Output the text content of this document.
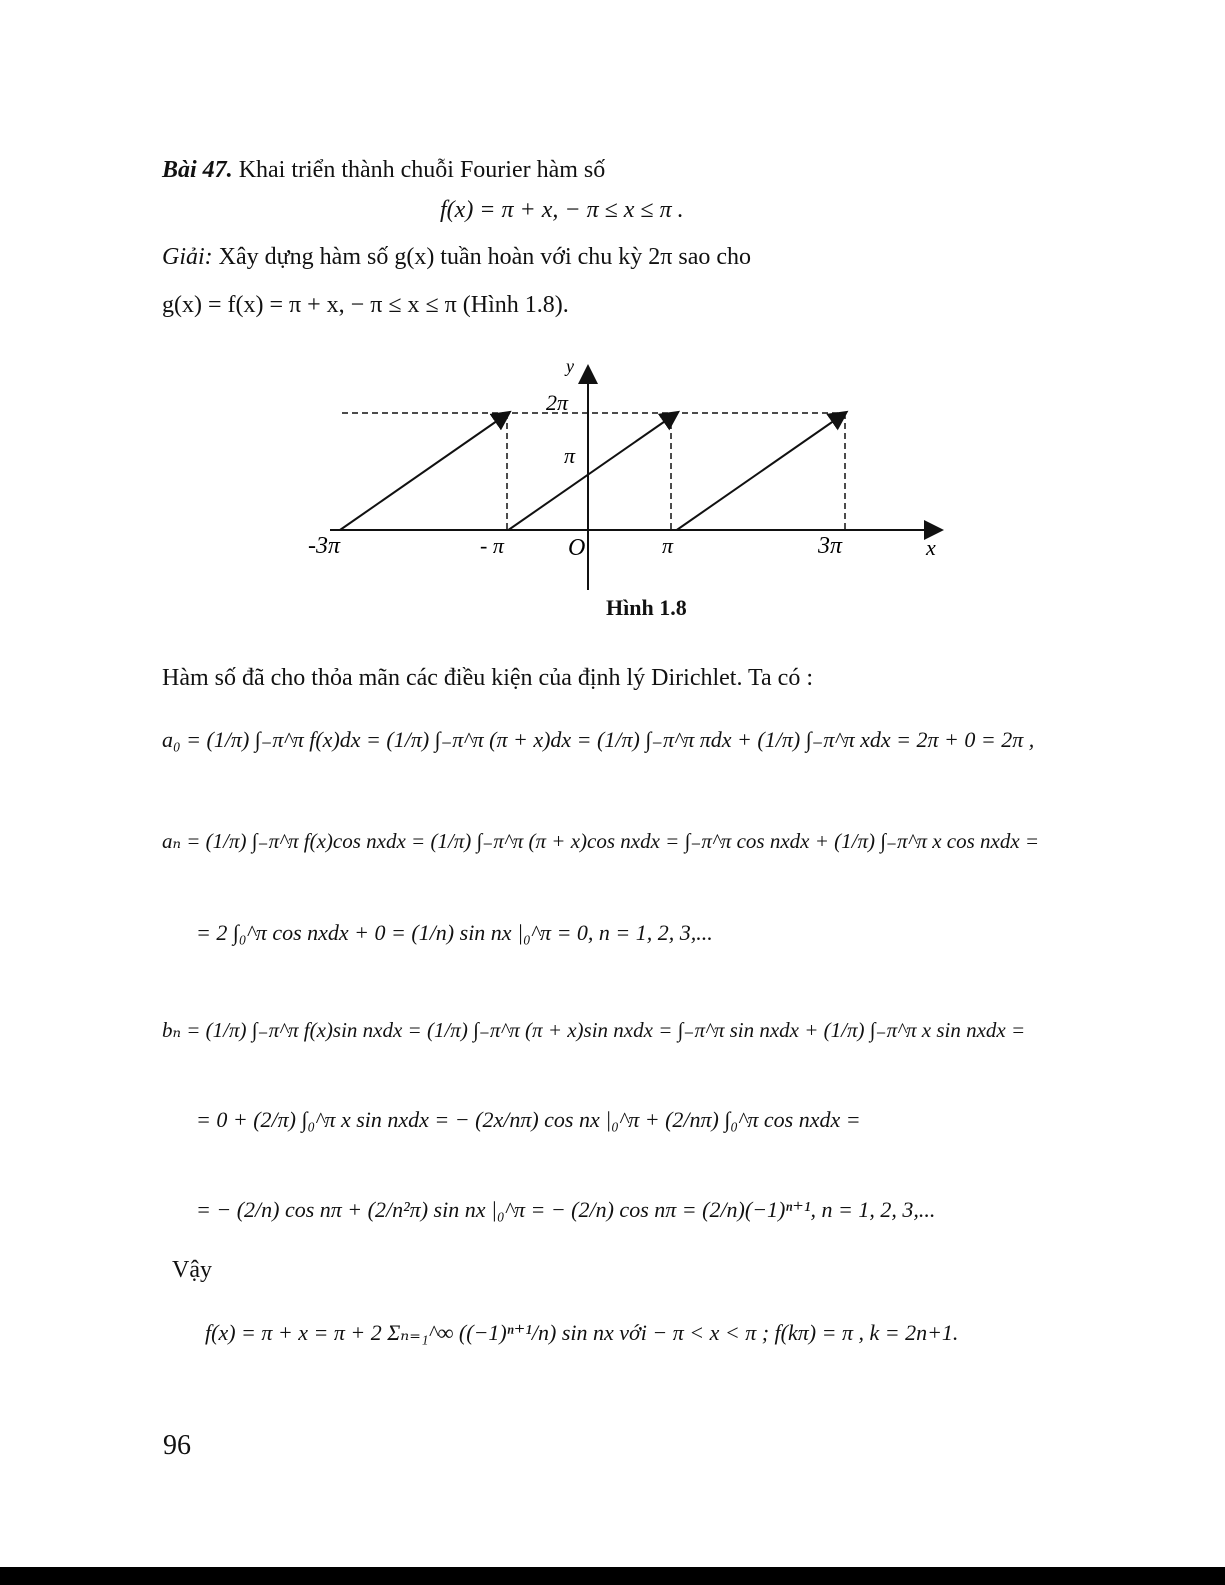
Bài 47. Khai triển thành chuỗi Fourier hàm số
f(x) = π + x, − π ≤ x ≤ π .
Giải: Xây dựng hàm số g(x) tuần hoàn với chu kỳ 2π sao cho
g(x) = f(x) = π + x, − π ≤ x ≤ π (Hình 1.8).
y
x
O
2π
π
-3π	- π	π	3π
Hình 1.8
Hàm số đã cho thỏa mãn các điều kiện của định lý Dirichlet. Ta có :
a₀ = (1/π) ∫₋π^π f(x)dx = (1/π) ∫₋π^π (π + x)dx = (1/π) ∫₋π^π πdx + (1/π) ∫₋π^π xdx = 2π + 0 = 2π ,
aₙ = (1/π) ∫₋π^π f(x)cos nxdx = (1/π) ∫₋π^π (π + x)cos nxdx = ∫₋π^π cos nxdx + (1/π) ∫₋π^π x cos nxdx =
= 2 ∫₀^π cos nxdx + 0 = (1/n) sin nx |₀^π = 0, n = 1, 2, 3,...
bₙ = (1/π) ∫₋π^π f(x)sin nxdx = (1/π) ∫₋π^π (π + x)sin nxdx = ∫₋π^π sin nxdx + (1/π) ∫₋π^π x sin nxdx =
= 0 + (2/π) ∫₀^π x sin nxdx = − (2x/nπ) cos nx |₀^π + (2/nπ) ∫₀^π cos nxdx =
= − (2/n) cos nπ + (2/n²π) sin nx |₀^π = − (2/n) cos nπ = (2/n)(−1)ⁿ⁺¹, n = 1, 2, 3,...
Vậy
f(x) = π + x = π + 2 Σₙ₌₁^∞ ((−1)ⁿ⁺¹/n) sin nx với − π < x < π ; f(kπ) = π , k = 2n+1.
96
